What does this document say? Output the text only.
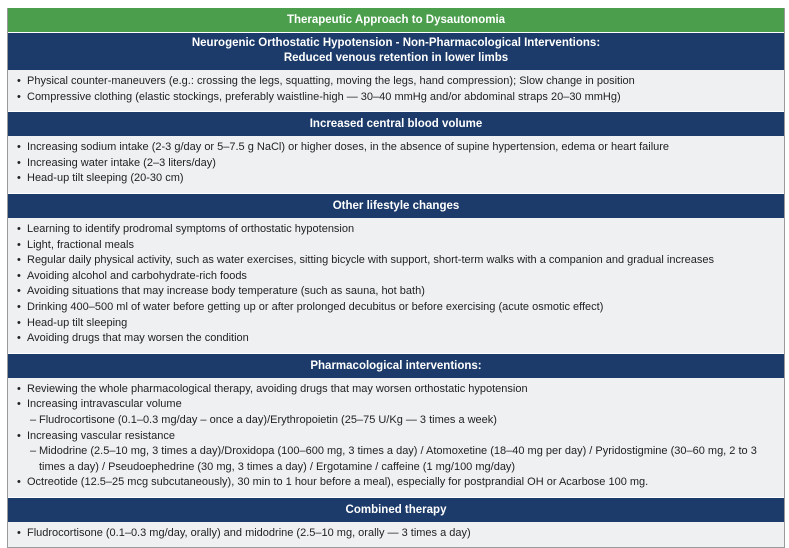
Therapeutic Approach to Dysautonomia
Neurogenic Orthostatic Hypotension - Non-Pharmacological Interventions:
Reduced venous retention in lower limbs
• Physical counter-maneuvers (e.g.: crossing the legs, squatting, moving the legs, hand compression); Slow change in position
• Compressive clothing (elastic stockings, preferably waistline-high — 30–40 mmHg and/or abdominal straps 20–30 mmHg)
Increased central blood volume
• Increasing sodium intake (2-3 g/day or 5–7.5 g NaCl) or higher doses, in the absence of supine hypertension, edema or heart failure
• Increasing water intake (2–3 liters/day)
• Head-up tilt sleeping (20-30 cm)
Other lifestyle changes
• Learning to identify prodromal symptoms of orthostatic hypotension
• Light, fractional meals
• Regular daily physical activity, such as water exercises, sitting bicycle with support, short-term walks with a companion and gradual increases
• Avoiding alcohol and carbohydrate-rich foods
• Avoiding situations that may increase body temperature (such as sauna, hot bath)
• Drinking 400–500 ml of water before getting up or after prolonged decubitus or before exercising (acute osmotic effect)
• Head-up tilt sleeping
• Avoiding drugs that may worsen the condition
Pharmacological interventions:
• Reviewing the whole pharmacological therapy, avoiding drugs that may worsen orthostatic hypotension
• Increasing intravascular volume
– Fludrocortisone (0.1–0.3 mg/day – once a day)/Erythropoietin (25–75 U/Kg — 3 times a week)
• Increasing vascular resistance
– Midodrine (2.5–10 mg, 3 times a day)/Droxidopa (100–600 mg, 3 times a day) / Atomoxetine (18–40 mg per day) / Pyridostigmine (30–60 mg, 2 to 3 times a day) / Pseudoephedrine (30 mg, 3 times a day) / Ergotamine / caffeine (1 mg/100 mg/day)
• Octreotide (12.5–25 mcg subcutaneously), 30 min to 1 hour before a meal), especially for postprandial OH or Acarbose 100 mg.
Combined therapy
• Fludrocortisone (0.1–0.3 mg/day, orally) and midodrine (2.5–10 mg, orally — 3 times a day)
